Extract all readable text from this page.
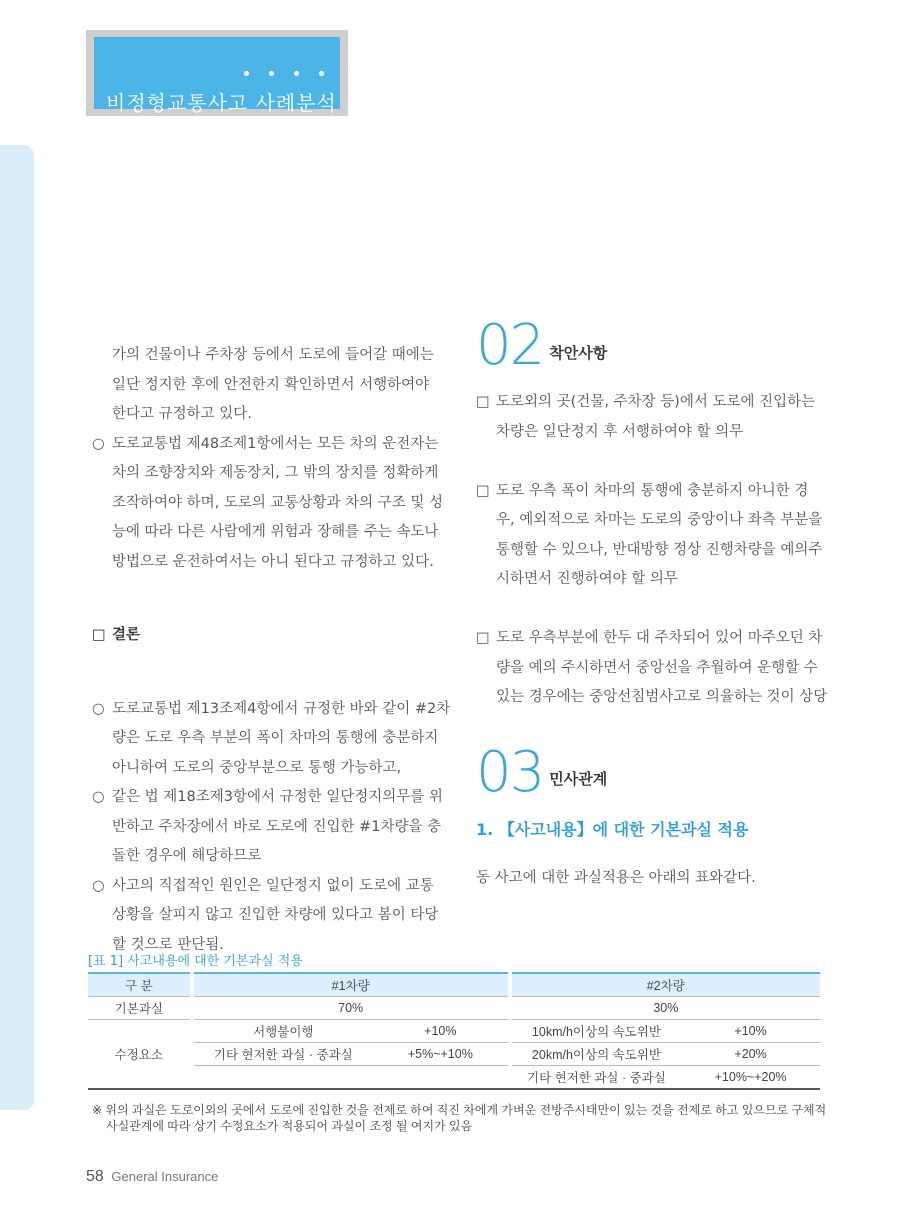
비정형교통사고 사례분석

가의 건물이나 주차장 등에서 도로에 들어갈 때에는

일단 정지한 후에 안전한지 확인하면서 서행하여야

한다고 규정하고 있다.

○ 도로교통법 제48조제1항에서는 모든 차의 운전자는

차의 조향장치와 제동장치, 그 밖의 장치를 정확하게

조작하여야 하며, 도로의 교통상황과 차의 구조 및 성

능에 따라 다른 사람에게 위험과 장해를 주는 속도나

방법으로 운전하여서는 아니 된다고 규정하고 있다.

□ 결론

○ 도로교통법 제13조제4항에서 규정한 바와 같이 #2차

량은 도로 우측 부분의 폭이 차마의 통행에 충분하지

아니하여 도로의 중앙부분으로 통행 가능하고,

○ 같은 법 제18조제3항에서 규정한 일단정지의무를 위

반하고 주차장에서 바로 도로에 진입한 #1차량을 충

돌한 경우에 해당하므로

○ 사고의 직접적인 원인은 일단정지 없이 도로에 교통

상황을 살피지 않고 진입한 차량에 있다고 봄이 타당

할 것으로 판단됨.

02 착안사항

□ 도로외의 곳(건물, 주차장 등)에서 도로에 진입하는

차량은 일단정지 후 서행하여야 할 의무

□ 도로 우측 폭이 차마의 통행에 충분하지 아니한 경

우, 예외적으로 차마는 도로의 중앙이나 좌측 부분을

통행할 수 있으나, 반대방향 정상 진행차량을 예의주

시하면서 진행하여야 할 의무

□ 도로 우측부분에 한두 대 주차되어 있어 마주오던 차

량을 예의 주시하면서 중앙선을 추월하여 운행할 수

있는 경우에는 중앙선침범사고로 의율하는 것이 상당

03 민사관계

1. 【사고내용】에 대한 기본과실 적용

동 사고에 대한 과실적용은 아래의 표와같다.

[표 1] 사고내용에 대한 기본과실 적용
구 분		#1차량			#2차량	
기본과실		70%			30%	
수정요소		서행불이행	+10%		10km/h이상의 속도위반	+10%
		기타 현저한 과실 · 중과실	+5%~+10%		20km/h이상의 속도위반	+20%
					기타 현저한 과실 · 중과실	+10%~+20%
※ 위의 과실은 도로이외의 곳에서 도로에 진입한 것을 전제로 하여 직진 차에게 가벼운 전방주시태만이 있는 것을 전제로 하고 있으므로 구체적
사실관계에 따라 상기 수정요소가 적용되어 과실이 조정 될 여지가 있음
58 General Insurance
